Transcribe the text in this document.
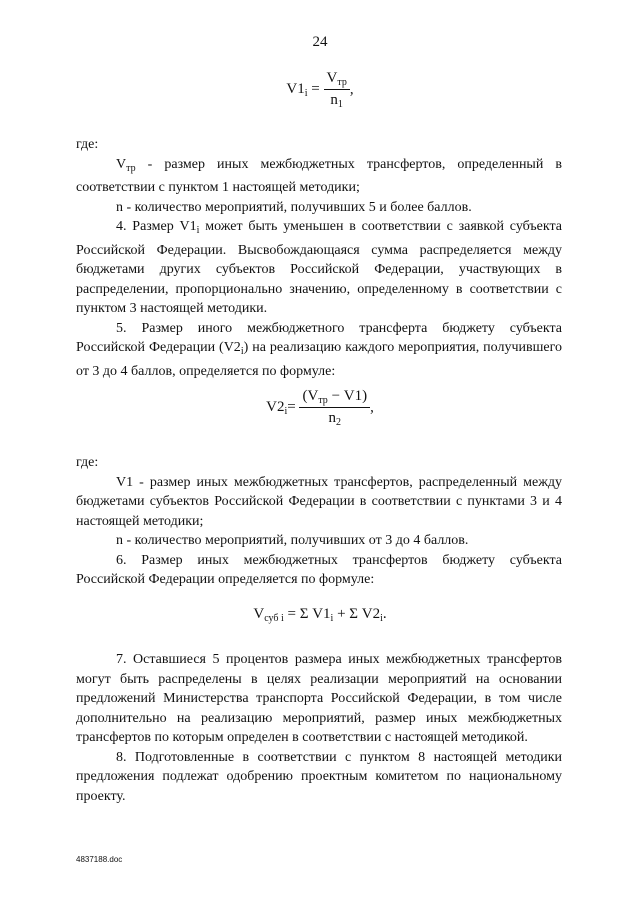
24
$V1_i = \frac{V_{тр}}{n_1}$ ,

где:

$V_{тр}$ - размер иных межбюджетных трансфертов, определенный в соответствии с пунктом 1 настоящей методики;

n - количество мероприятий, получивших 5 и более баллов.

4. Размер $V1_i$ может быть уменьшен в соответствии с заявкой субъекта Российской Федерации. Высвобождающаяся сумма распределяется между бюджетами других субъектов Российской Федерации, участвующих в распределении, пропорционально значению, определенному в соответствии с пунктом 3 настоящей методики.

5. Размер иного межбюджетного трансферта бюджету субъекта Российской Федерации $(V2_i)$ на реализацию каждого мероприятия, получившего от 3 до 4 баллов, определяется по формуле:

$V2_i= \frac{(V_{тр} - V1)}{n_2}$ ,

где:

V1 - размер иных межбюджетных трансфертов, распределенный между бюджетами субъектов Российской Федерации в соответствии с пунктами 3 и 4 настоящей методики;

n - количество мероприятий, получивших от 3 до 4 баллов.

6. Размер иных межбюджетных трансфертов бюджету субъекта Российской Федерации определяется по формуле:

$V_{суб i} = \Sigma$ $V1_i + \Sigma$ $V2_i$.

7. Оставшиеся 5 процентов размера иных межбюджетных трансфертов могут быть распределены в целях реализации мероприятий на основании предложений Министерства транспорта Российской Федерации, в том числе дополнительно на реализацию мероприятий, размер иных межбюджетных трансфертов по которым определен в соответствии с настоящей методикой.

8. Подготовленные в соответствии с пунктом 8 настоящей методики предложения подлежат одобрению проектным комитетом по национальному проекту.

4837188.doc
